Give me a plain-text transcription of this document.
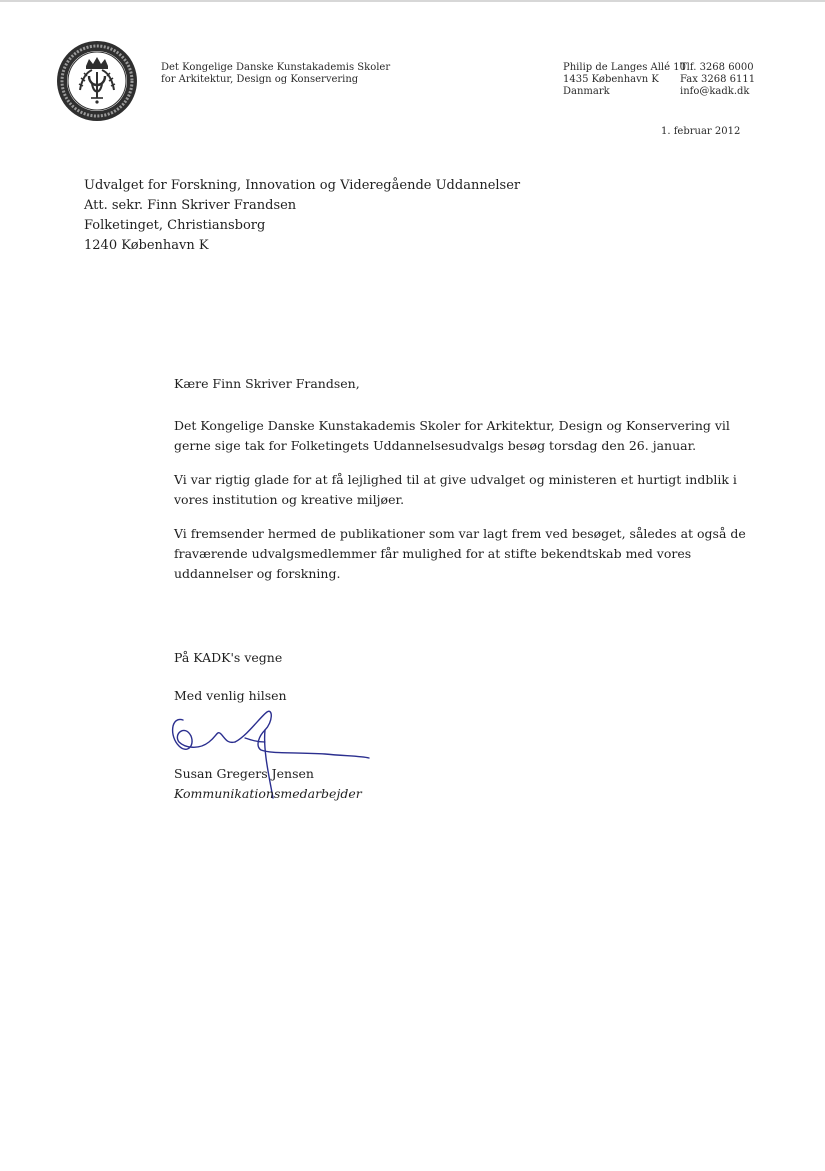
Det Kongelige Danske Kunstakademis Skoler
for Arkitektur, Design og Konservering
Philip de Langes Allé 10
1435 København K
Danmark
Tlf. 3268 6000
Fax 3268 6111
info@kadk.dk
1. februar 2012
Udvalget for Forskning, Innovation og Videregående Uddannelser
Att. sekr. Finn Skriver Frandsen
Folketinget, Christiansborg
1240 København K

Kære Finn Skriver Frandsen,

Det Kongelige Danske Kunstakademis Skoler for Arkitektur, Design og Konservering vil gerne sige tak for Folketingets Uddannelsesudvalgs besøg torsdag den 26. januar.

Vi var rigtig glade for at få lejlighed til at give udvalget og ministeren et hurtigt indblik i vores institution og kreative miljøer.

Vi fremsender hermed de publikationer som var lagt frem ved besøget, således at også de fraværende udvalgsmedlemmer får mulighed for at stifte bekendtskab med vores uddannelser og forskning.

På KADK's vegne
Med venlig hilsen
Susan Gregers Jensen
Kommunikationsmedarbejder
